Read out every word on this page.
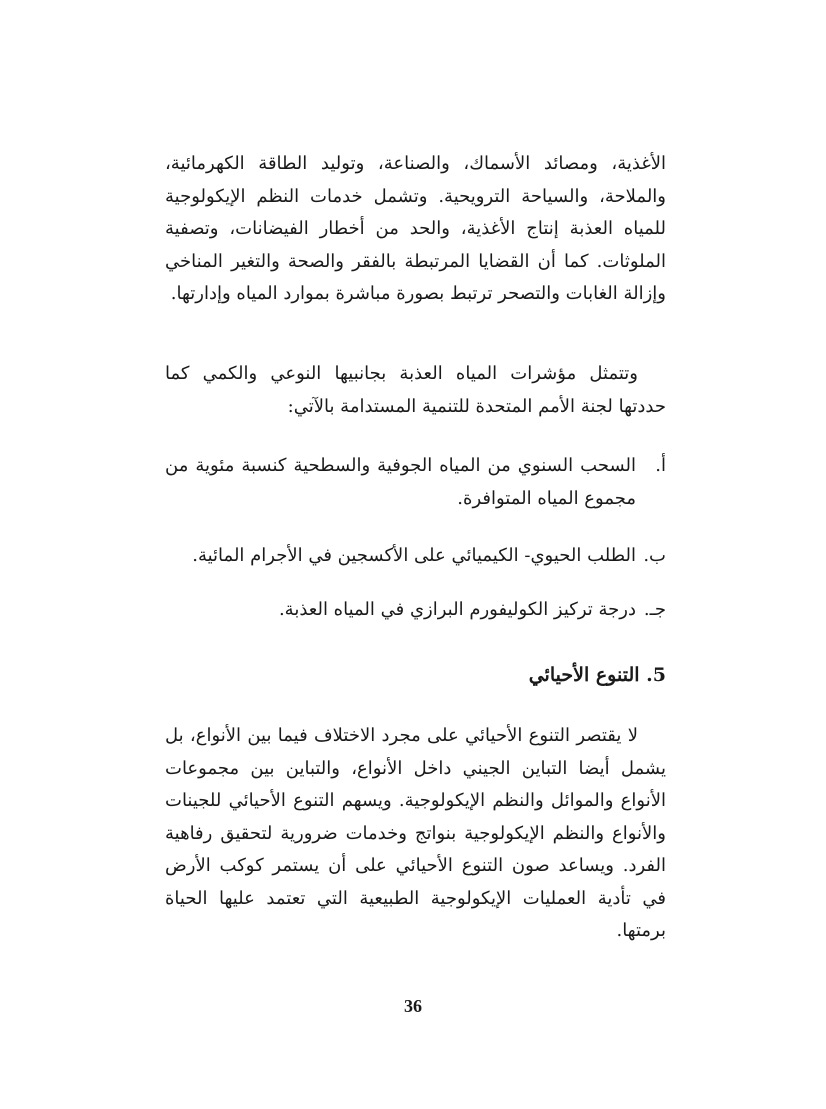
الأغذية، ومصائد الأسماك، والصناعة، وتوليد الطاقة الكهرمائية، والملاحة، والسياحة الترويحية. وتشمل خدمات النظم الإيكولوجية للمياه العذبة إنتاج الأغذية، والحد من أخطار الفيضانات، وتصفية الملوثات. كما أن القضايا المرتبطة بالفقر والصحة والتغير المناخي وإزالة الغابات والتصحر ترتبط بصورة مباشرة بموارد المياه وإدارتها.

وتتمثل مؤشرات المياه العذبة بجانبيها النوعي والكمي كما حددتها لجنة الأمم المتحدة للتنمية المستدامة بالآتي:

أ.
السحب السنوي من المياه الجوفية والسطحية كنسبة مئوية من مجموع المياه المتوافرة.
ب.
الطلب الحيوي- الكيميائي على الأكسجين في الأجرام المائية.
جـ.
درجة تركيز الكوليفورم البرازي في المياه العذبة.
5. التنوع الأحيائي

لا يقتصر التنوع الأحيائي على مجرد الاختلاف فيما بين الأنواع، بل يشمل أيضا التباين الجيني داخل الأنواع، والتباين بين مجموعات الأنواع والموائل والنظم الإيكولوجية. ويسهم التنوع الأحيائي للجينات والأنواع والنظم الإيكولوجية بنواتج وخدمات ضرورية لتحقيق رفاهية الفرد. ويساعد صون التنوع الأحيائي على أن يستمر كوكب الأرض في تأدية العمليات الإيكولوجية الطبيعية التي تعتمد عليها الحياة برمتها.

36
